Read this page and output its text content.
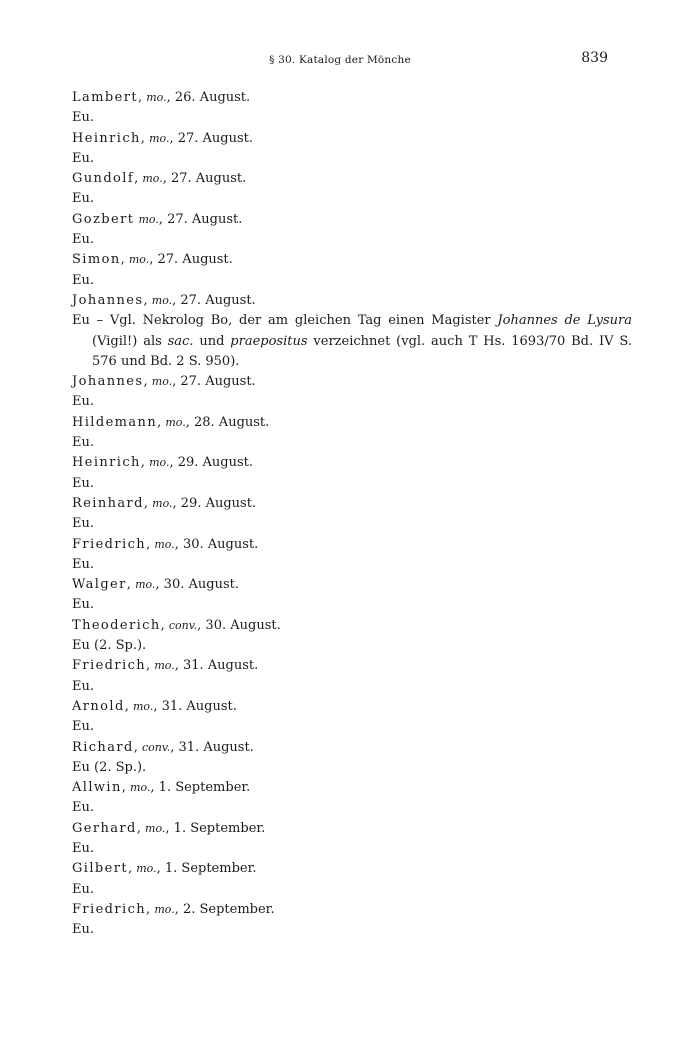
§ 30. Katalog der Mönche	839
Lambert, mo., 26. August.
Eu.
Heinrich, mo., 27. August.
Eu.
Gundolf, mo., 27. August.
Eu.
Gozbert mo., 27. August.
Eu.
Simon, mo., 27. August.
Eu.
Johannes, mo., 27. August.
Eu – Vgl. Nekrolog Bo, der am gleichen Tag einen Magister Johannes de Lysura (Vigil!) als sac. und praepositus verzeichnet (vgl. auch T Hs. 1693/70 Bd. IV S. 576 und Bd. 2 S. 950).
Johannes, mo., 27. August.
Eu.
Hildemann, mo., 28. August.
Eu.
Heinrich, mo., 29. August.
Eu.
Reinhard, mo., 29. August.
Eu.
Friedrich, mo., 30. August.
Eu.
Walger, mo., 30. August.
Eu.
Theoderich, conv., 30. August.
Eu (2. Sp.).
Friedrich, mo., 31. August.
Eu.
Arnold, mo., 31. August.
Eu.
Richard, conv., 31. August.
Eu (2. Sp.).
Allwin, mo., 1. September.
Eu.
Gerhard, mo., 1. September.
Eu.
Gilbert, mo., 1. September.
Eu.
Friedrich, mo., 2. September.
Eu.
